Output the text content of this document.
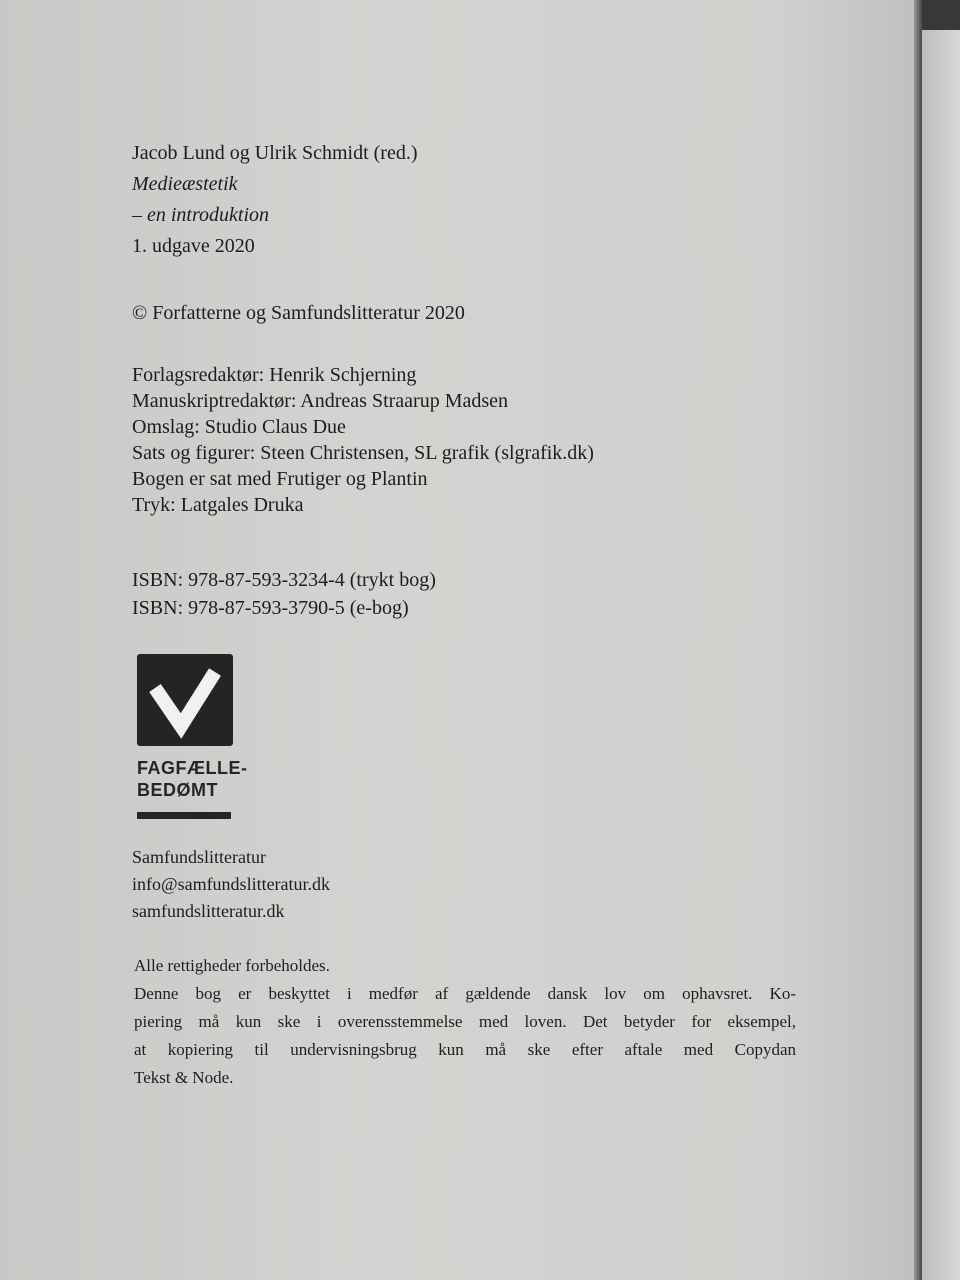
Jacob Lund og Ulrik Schmidt (red.)
Medieæstetik
– en introduktion
1. udgave 2020
© Forfatterne og Samfundslitteratur 2020
Forlagsredaktør: Henrik Schjerning
Manuskriptredaktør: Andreas Straarup Madsen
Omslag: Studio Claus Due
Sats og figurer: Steen Christensen, SL grafik (slgrafik.dk)
Bogen er sat med Frutiger og Plantin
Tryk: Latgales Druka
ISBN: 978-87-593-3234-4 (trykt bog)
ISBN: 978-87-593-3790-5 (e-bog)
FAGFÆLLE-
BEDØMT
Samfundslitteratur
info@samfundslitteratur.dk
samfundslitteratur.dk
Alle rettigheder forbeholdes.
Denne bog er beskyttet i medfør af gældende dansk lov om ophavsret. Ko-
piering må kun ske i overensstemmelse med loven. Det betyder for eksempel,
at kopiering til undervisningsbrug kun må ske efter aftale med Copydan
Tekst & Node.
